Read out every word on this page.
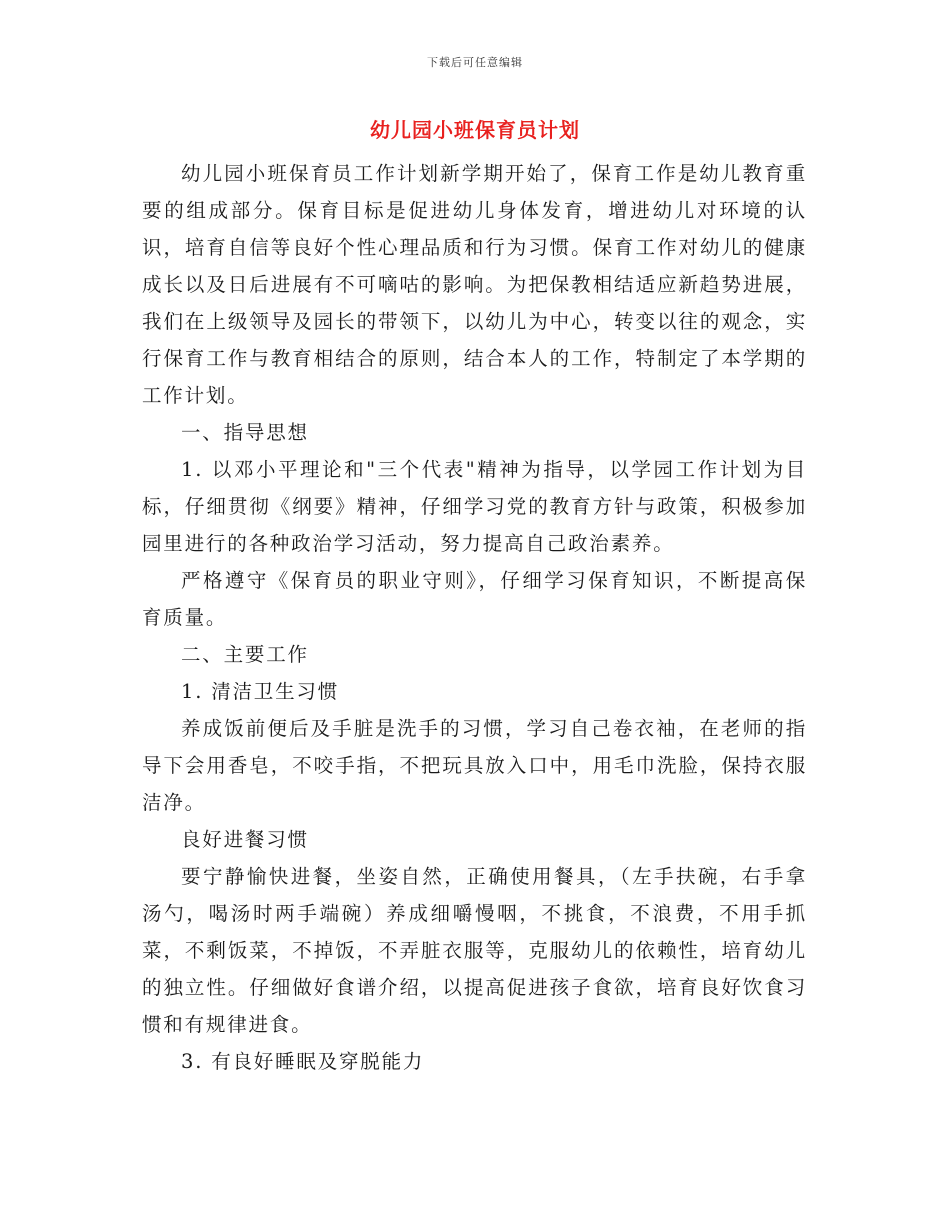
下载后可任意编辑
幼儿园小班保育员计划

幼儿园小班保育员工作计划新学期开始了，保育工作是幼儿教育重要的组成部分。保育目标是促进幼儿身体发育，增进幼儿对环境的认识，培育自信等良好个性心理品质和行为习惯。保育工作对幼儿的健康成长以及日后进展有不可嘀咕的影响。为把保教相结适应新趋势进展，我们在上级领导及园长的带领下，以幼儿为中心，转变以往的观念，实行保育工作与教育相结合的原则，结合本人的工作，特制定了本学期的工作计划。

一、指导思想

1. 以邓小平理论和"三个代表"精神为指导，以学园工作计划为目标，仔细贯彻《纲要》精神，仔细学习党的教育方针与政策，积极参加园里进行的各种政治学习活动，努力提高自己政治素养。

严格遵守《保育员的职业守则》，仔细学习保育知识，不断提高保育质量。

二、主要工作

1. 清洁卫生习惯

养成饭前便后及手脏是洗手的习惯，学习自己卷衣袖，在老师的指导下会用香皂，不咬手指，不把玩具放入口中，用毛巾洗脸，保持衣服洁净。

良好进餐习惯

要宁静愉快进餐，坐姿自然，正确使用餐具，（左手扶碗，右手拿汤勺，喝汤时两手端碗）养成细嚼慢咽，不挑食，不浪费，不用手抓菜，不剩饭菜，不掉饭，不弄脏衣服等，克服幼儿的依赖性，培育幼儿的独立性。仔细做好食谱介绍，以提高促进孩子食欲，培育良好饮食习惯和有规律进食。

3. 有良好睡眠及穿脱能力
